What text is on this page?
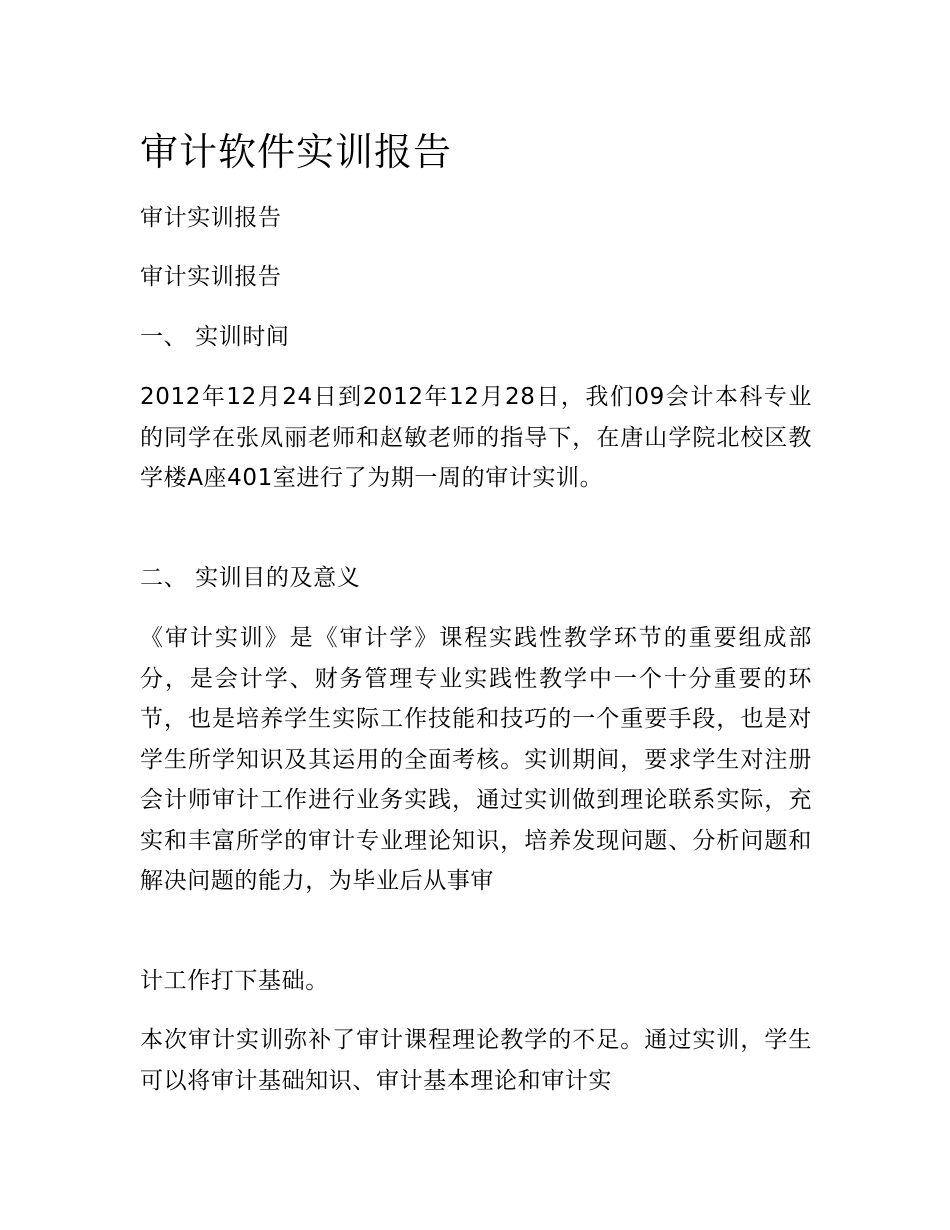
审计软件实训报告

审计实训报告

审计实训报告

一、 实训时间

2012年12月24日到2012年12月28日，我们09会计本科专业的同学在张凤丽老师和赵敏老师的指导下，在唐山学院北校区教学楼A座401室进行了为期一周的审计实训。

二、 实训目的及意义

《审计实训》是《审计学》课程实践性教学环节的重要组成部分，是会计学、财务管理专业实践性教学中一个十分重要的环节，也是培养学生实际工作技能和技巧的一个重要手段，也是对学生所学知识及其运用的全面考核。实训期间，要求学生对注册会计师审计工作进行业务实践，通过实训做到理论联系实际，充实和丰富所学的审计专业理论知识，培养发现问题、分析问题和解决问题的能力，为毕业后从事审

计工作打下基础。

本次审计实训弥补了审计课程理论教学的不足。通过实训，学生可以将审计基础知识、审计基本理论和审计实
